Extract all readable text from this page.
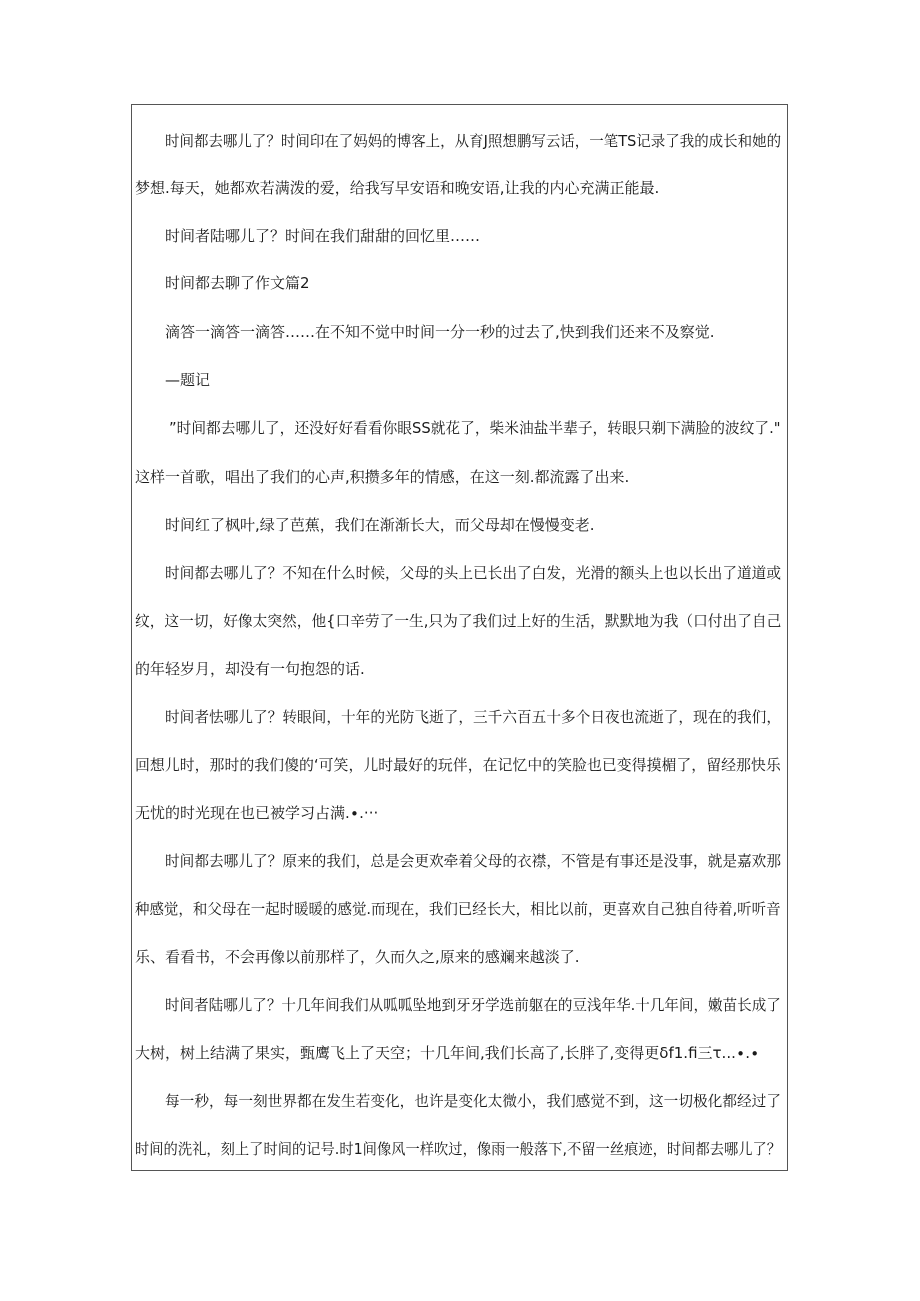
时间都去哪儿了？时间印在了妈妈的博客上，从育J照想鹏写云话，一笔TS记录了我的成长和她的
梦想.每天，她都欢若满泼的爱，给我写早安语和晚安语,让我的内心充满正能最.
时间者陆哪儿了？时间在我们甜甜的回忆里……
时间都去聊了作文篇2
滴答一滴答一滴答……在不知不觉中时间一分一秒的过去了,快到我们还来不及察觉.
—题记
”时间都去哪儿了，还没好好看看你眼SS就花了，柴米油盐半辈子，转眼只剃下满脸的波纹了."
这样一首歌，唱出了我们的心声,积攒多年的情感，在这一刻.都流露了出来.
时间红了枫叶,绿了芭蕉，我们在渐渐长大，而父母却在慢慢变老.
时间都去哪儿了？不知在什么时候，父母的头上已长出了白发，光滑的额头上也以长出了道道或
纹，这一切，好像太突然，他{口辛劳了一生,只为了我们过上好的生活，默默地为我（口付出了自己
的年轻岁月，却没有一句抱怨的话.
时间者怯哪儿了？转眼间，十年的光防飞逝了，三千六百五十多个日夜也流逝了，现在的我们，
回想儿时，那时的我们傻的‘可笑，儿时最好的玩伴，在记忆中的笑脸也已变得摸楣了，留经那快乐
无忧的时光现在也已被学习占满.∙.···
时间都去哪儿了？原来的我们，总是会更欢牵着父母的衣襟，不管是有事还是没事，就是嘉欢那
种感觉，和父母在一起时暖暖的感觉.而现在，我们已经长大，相比以前，更喜欢自己独自待着,听听音
乐、看看书，不会再像以前那样了，久而久之,原来的感斓来越淡了.
时间者陆哪儿了？十几年间我们从呱呱坠地到牙牙学选前躯在的豆浅年华.十几年间，嫩苗长成了
大树，树上结满了果实，甄鹰飞上了天空；十几年间,我们长高了,长胖了,变得更δf1.fi三τ...∙.∙
每一秒，每一刻世界都在发生若变化，也许是变化太微小，我们感觉不到，这一切极化都经过了
时间的洗礼，刻上了时间的记号.时1间像风一样吹过，像雨一般落下,不留一丝痕迹，时间都去哪儿了？
